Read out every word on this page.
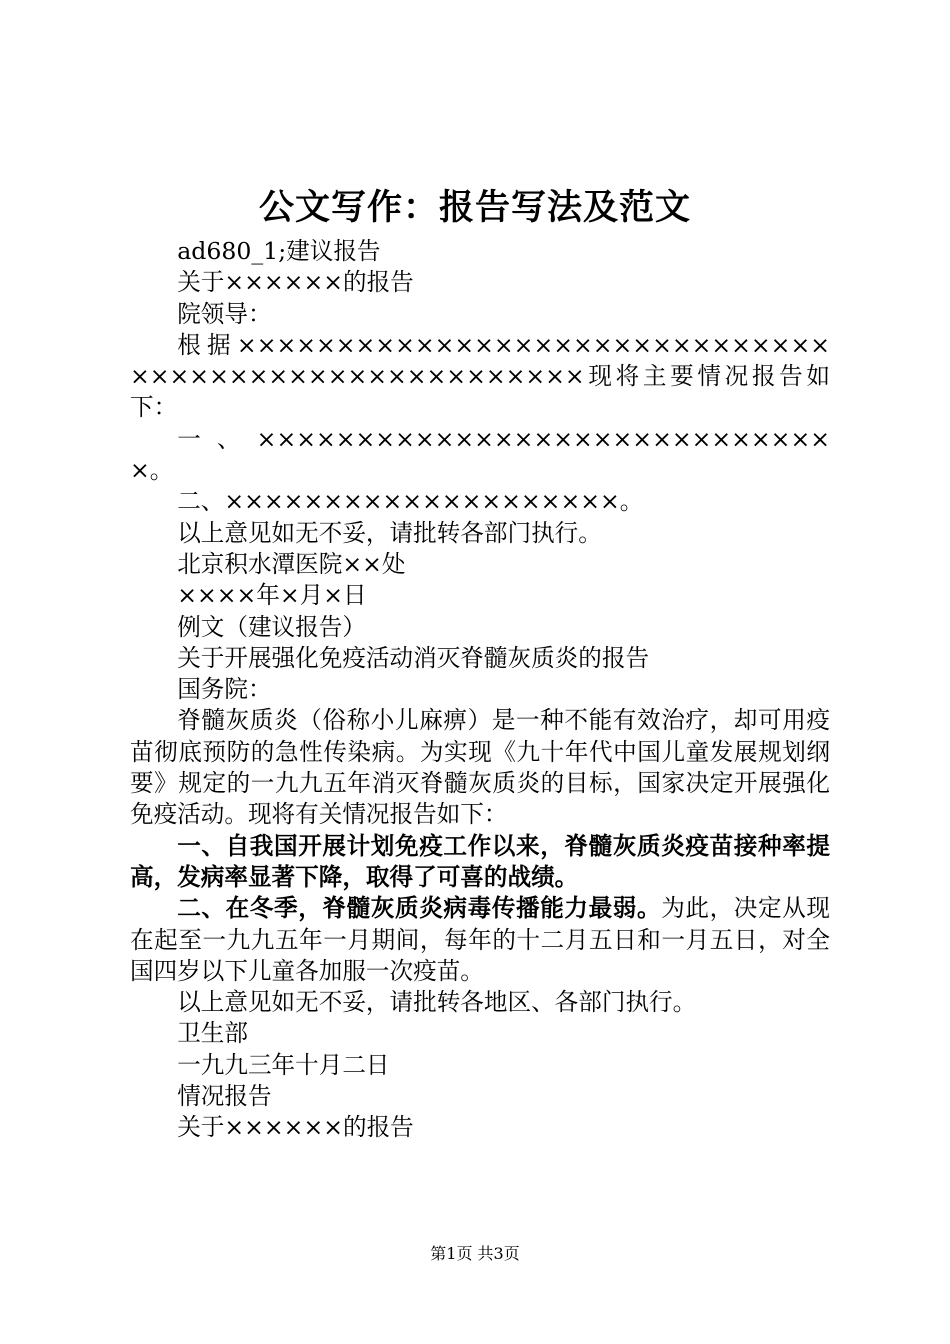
公文写作：报告写法及范文

ad680_1;建议报告

关于××××××的报告

院领导：

根据×××××××××××××××××××××××××××××××××××××××××××××××××××××现将主要情况报告如下：

一、××××××××××××××××××××××××××××××。

二、××××××××××××××××××××。

以上意见如无不妥，请批转各部门执行。

北京积水潭医院××处

××××年×月×日

例文（建议报告）

关于开展强化免疫活动消灭脊髓灰质炎的报告

国务院：

脊髓灰质炎（俗称小儿麻痹）是一种不能有效治疗，却可用疫苗彻底预防的急性传染病。为实现《九十年代中国儿童发展规划纲要》规定的一九九五年消灭脊髓灰质炎的目标，国家决定开展强化免疫活动。现将有关情况报告如下：

一、自我国开展计划免疫工作以来，脊髓灰质炎疫苗接种率提高，发病率显著下降，取得了可喜的战绩。

二、在冬季，脊髓灰质炎病毒传播能力最弱。为此，决定从现在起至一九九五年一月期间，每年的十二月五日和一月五日，对全国四岁以下儿童各加服一次疫苗。

以上意见如无不妥，请批转各地区、各部门执行。

卫生部

一九九三年十月二日

情况报告

关于××××××的报告

第1页 共3页
